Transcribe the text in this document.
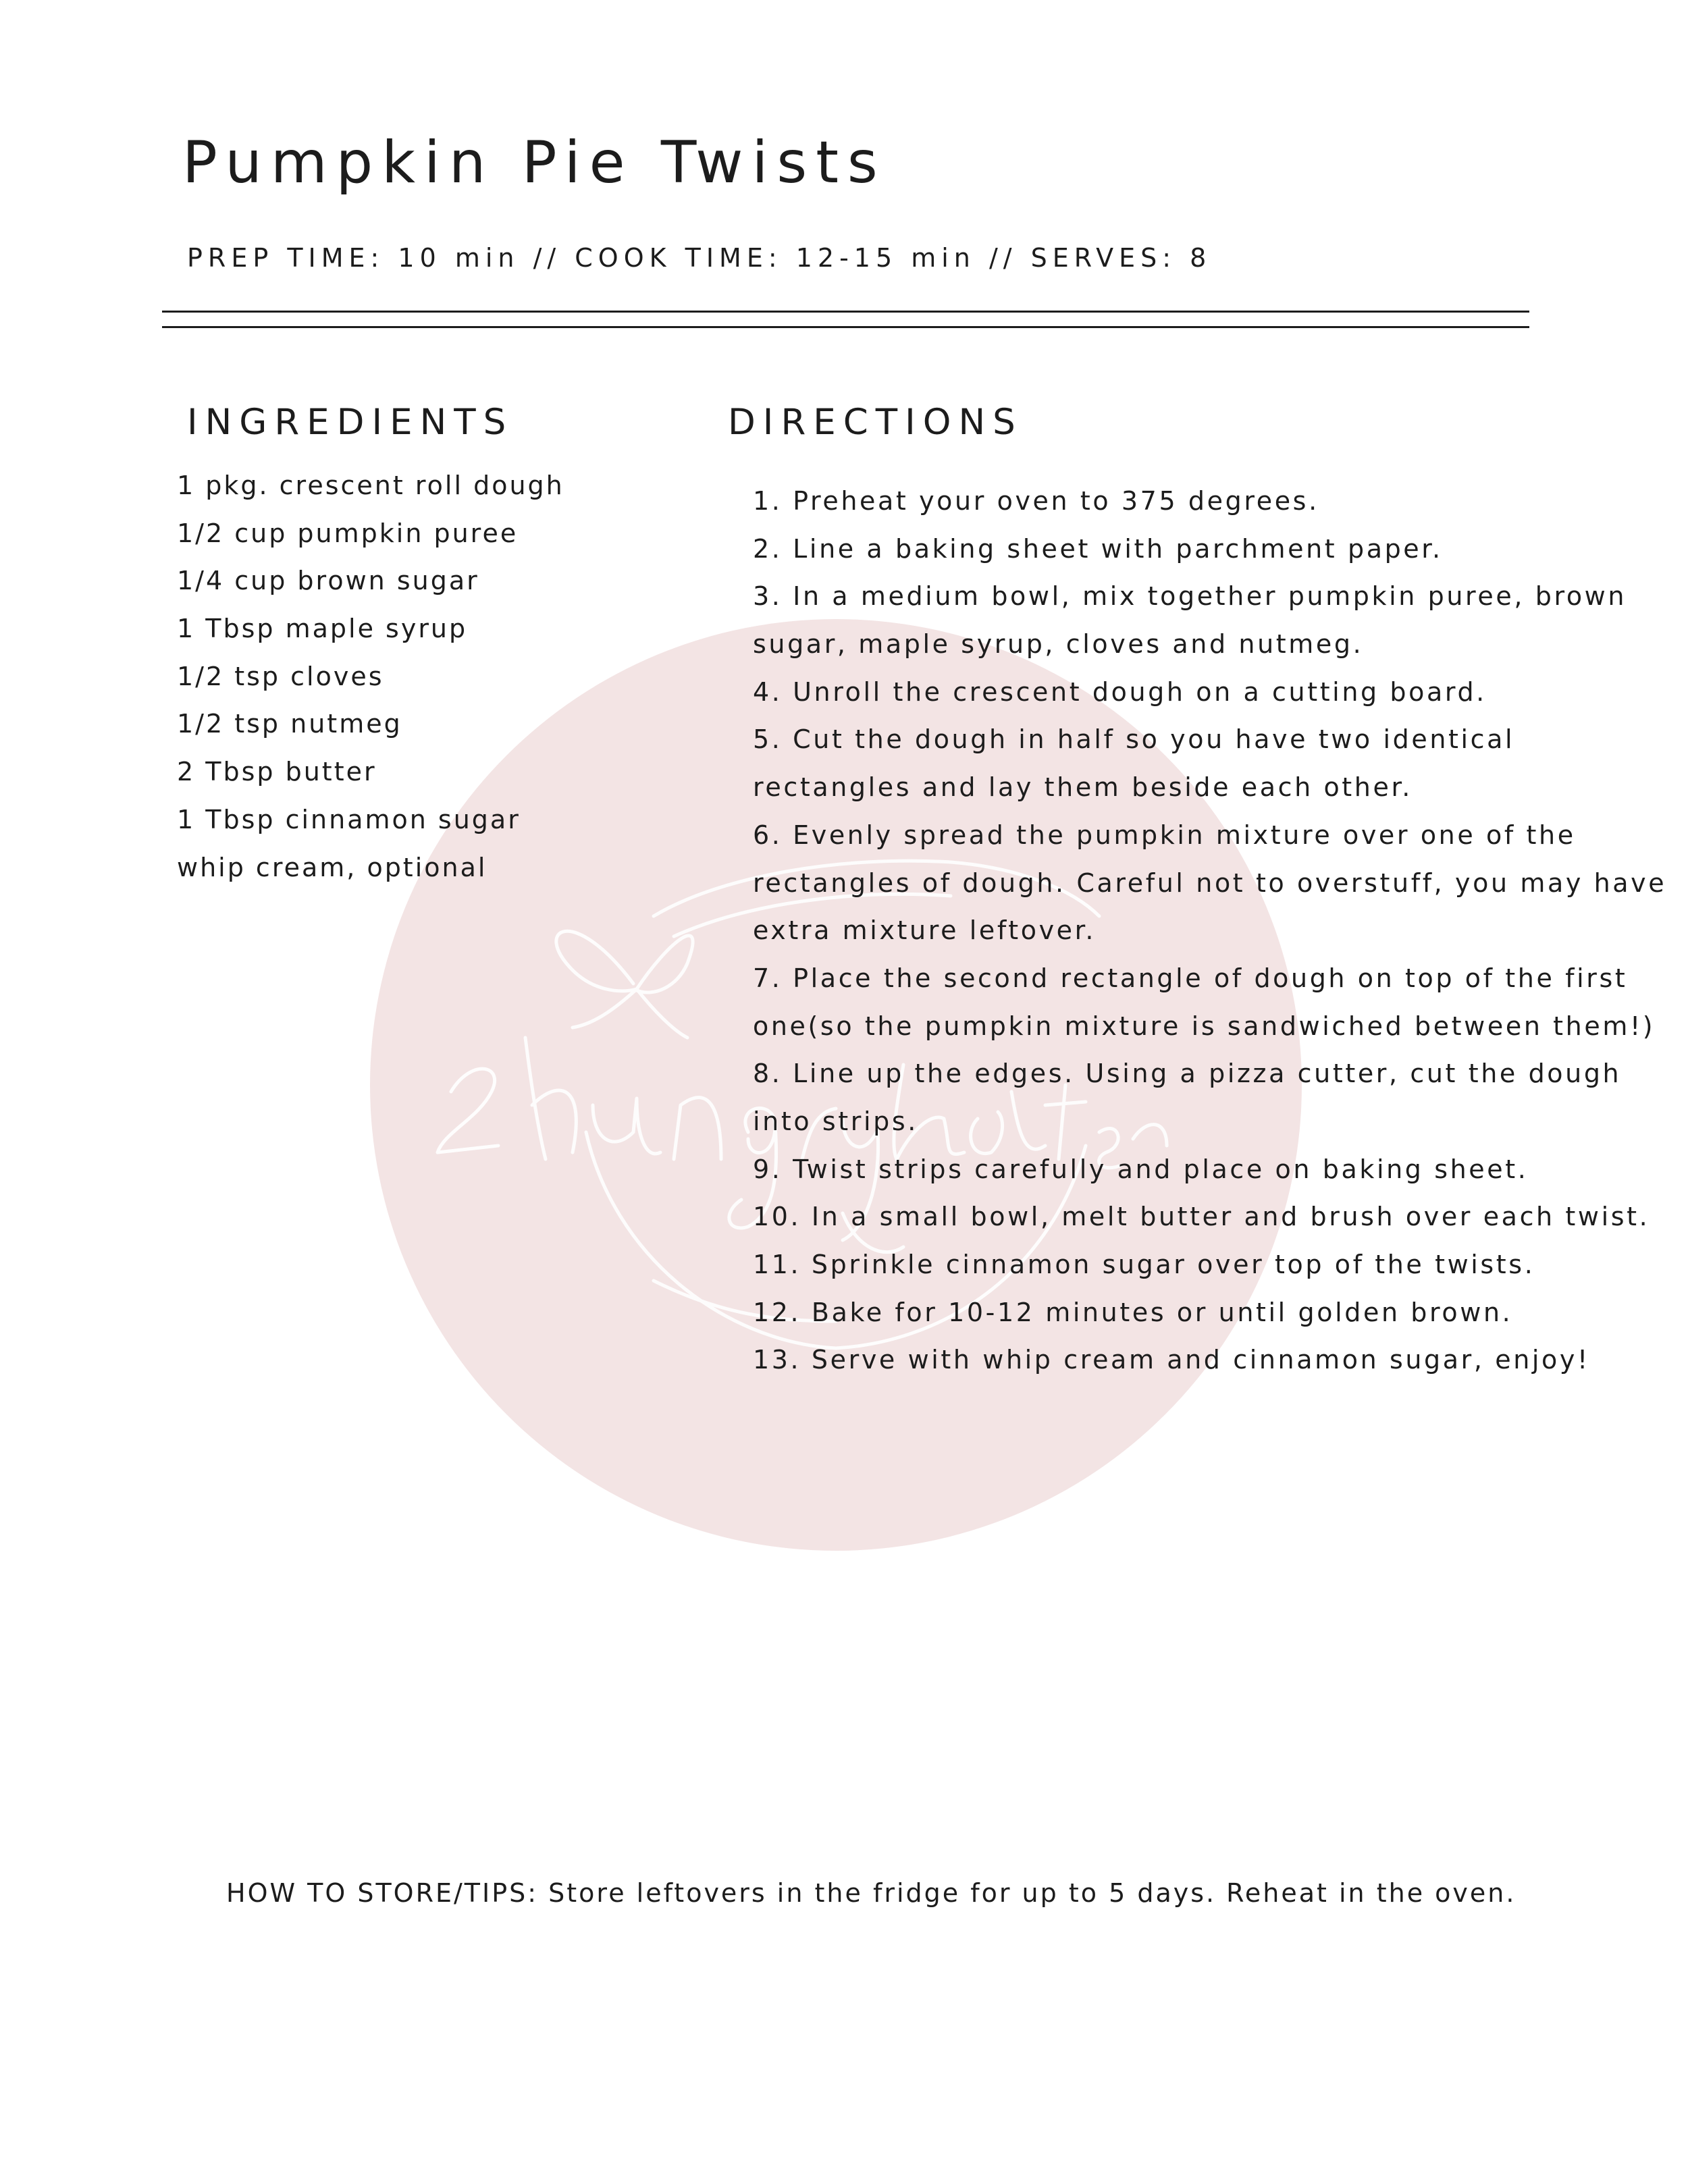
Pumpkin Pie Twists
PREP TIME: 10 min // COOK TIME: 12-15 min // SERVES: 8
INGREDIENTS	DIRECTIONS
1 pkg. crescent roll dough
1/2 cup pumpkin puree
1/4 cup brown sugar
1 Tbsp maple syrup
1/2 tsp cloves
1/2 tsp nutmeg
2 Tbsp butter
1 Tbsp cinnamon sugar
whip cream, optional
1. Preheat your oven to 375 degrees.
2. Line a baking sheet with parchment paper.
3. In a medium bowl, mix together pumpkin puree, brown
sugar, maple syrup, cloves and nutmeg.
4. Unroll the crescent dough on a cutting board.
5. Cut the dough in half so you have two identical
rectangles and lay them beside each other.
6. Evenly spread the pumpkin mixture over one of the
rectangles of dough. Careful not to overstuff, you may have
extra mixture leftover.
7. Place the second rectangle of dough on top of the first
one(so the pumpkin mixture is sandwiched between them!)
8. Line up the edges. Using a pizza cutter, cut the dough
into strips.
9. Twist strips carefully and place on baking sheet.
10. In a small bowl, melt butter and brush over each twist.
11. Sprinkle cinnamon sugar over top of the twists.
12. Bake for 10-12 minutes or until golden brown.
13. Serve with whip cream and cinnamon sugar, enjoy!
HOW TO STORE/TIPS: Store leftovers in the fridge for up to 5 days. Reheat in the oven.
